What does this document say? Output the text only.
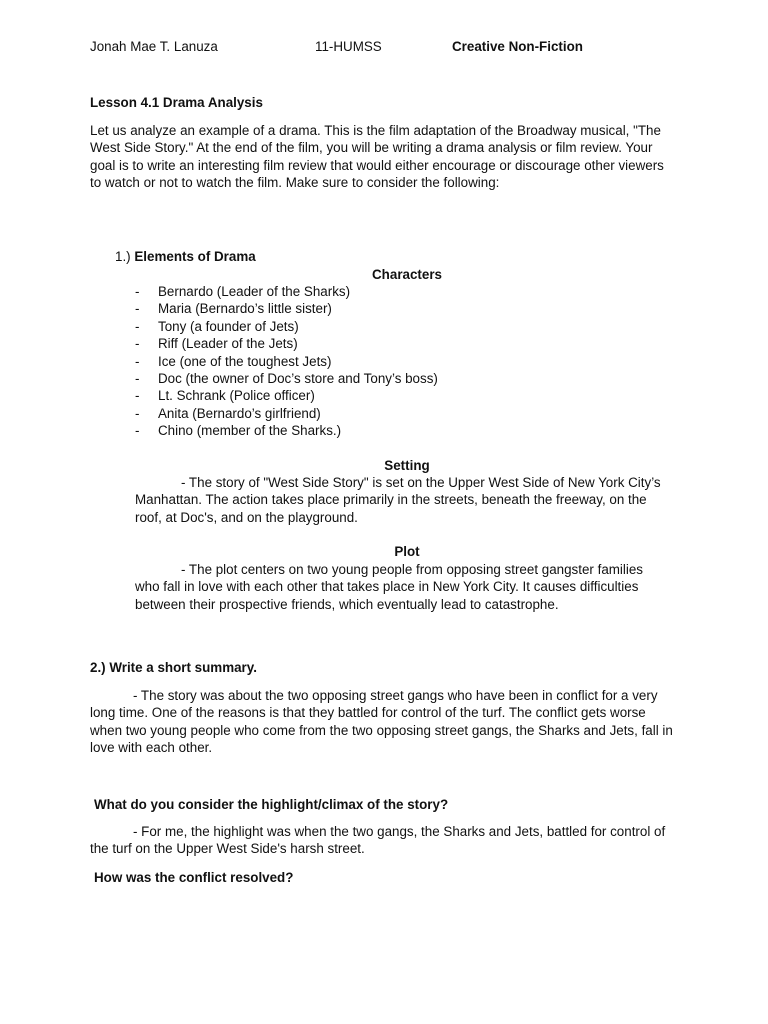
Jonah Mae T. Lanuza	11-HUMSS	Creative Non-Fiction
Lesson 4.1 Drama Analysis

Let us analyze an example of a drama. This is the film adaptation of the Broadway musical, "The West Side Story." At the end of the film, you will be writing a drama analysis or film review. Your goal is to write an interesting film review that would either encourage or discourage other viewers to watch or not to watch the film. Make sure to consider the following:

1.) Elements of Drama
Characters
- Bernardo (Leader of the Sharks)
- Maria (Bernardo’s little sister)
- Tony (a founder of Jets)
- Riff (Leader of the Jets)
- Ice (one of the toughest Jets)
- Doc (the owner of Doc’s store and Tony’s boss)
- Lt. Schrank (Police officer)
- Anita (Bernardo’s girlfriend)
- Chino (member of the Sharks.)
Setting

- The story of "West Side Story" is set on the Upper West Side of New York City’s Manhattan. The action takes place primarily in the streets, beneath the freeway, on the roof, at Doc's, and on the playground.

Plot

- The plot centers on two young people from opposing street gangster families who fall in love with each other that takes place in New York City. It causes difficulties between their prospective friends, which eventually lead to catastrophe.

2.) Write a short summary.

- The story was about the two opposing street gangs who have been in conflict for a very long time. One of the reasons is that they battled for control of the turf. The conflict gets worse when two young people who come from the two opposing street gangs, the Sharks and Jets, fall in love with each other.

What do you consider the highlight/climax of the story?

- For me, the highlight was when the two gangs, the Sharks and Jets, battled for control of the turf on the Upper West Side's harsh street.

How was the conflict resolved?
